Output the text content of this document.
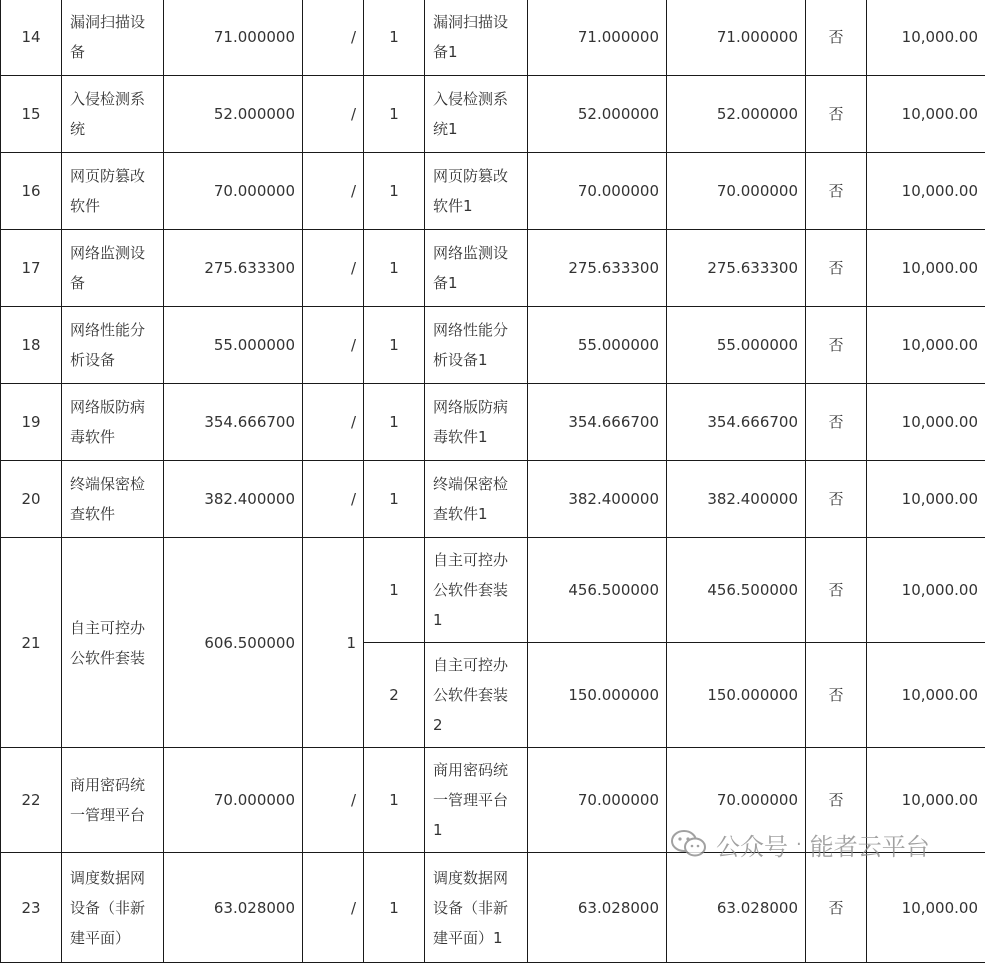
14	漏洞扫描设备	71.000000	/	1	漏洞扫描设备1	71.000000	71.000000	否	10,000.00
15	入侵检测系统	52.000000	/	1	入侵检测系统1	52.000000	52.000000	否	10,000.00
16	网页防篡改软件	70.000000	/	1	网页防篡改软件1	70.000000	70.000000	否	10,000.00
17	网络监测设备	275.633300	/	1	网络监测设备1	275.633300	275.633300	否	10,000.00
18	网络性能分析设备	55.000000	/	1	网络性能分析设备1	55.000000	55.000000	否	10,000.00
19	网络版防病毒软件	354.666700	/	1	网络版防病毒软件1	354.666700	354.666700	否	10,000.00
20	终端保密检查软件	382.400000	/	1	终端保密检查软件1	382.400000	382.400000	否	10,000.00
21	自主可控办公软件套装	606.500000	1	1	自主可控办公软件套装1	456.500000	456.500000	否	10,000.00
				2	自主可控办公软件套装2	150.000000	150.000000	否	10,000.00
22	商用密码统一管理平台	70.000000	/	1	商用密码统一管理平台1	70.000000	70.000000	否	10,000.00
23	调度数据网设备（非新建平面）	63.028000	/	1	调度数据网设备（非新建平面）1	63.028000	63.028000	否	10,000.00
公众号 · 能者云平台
